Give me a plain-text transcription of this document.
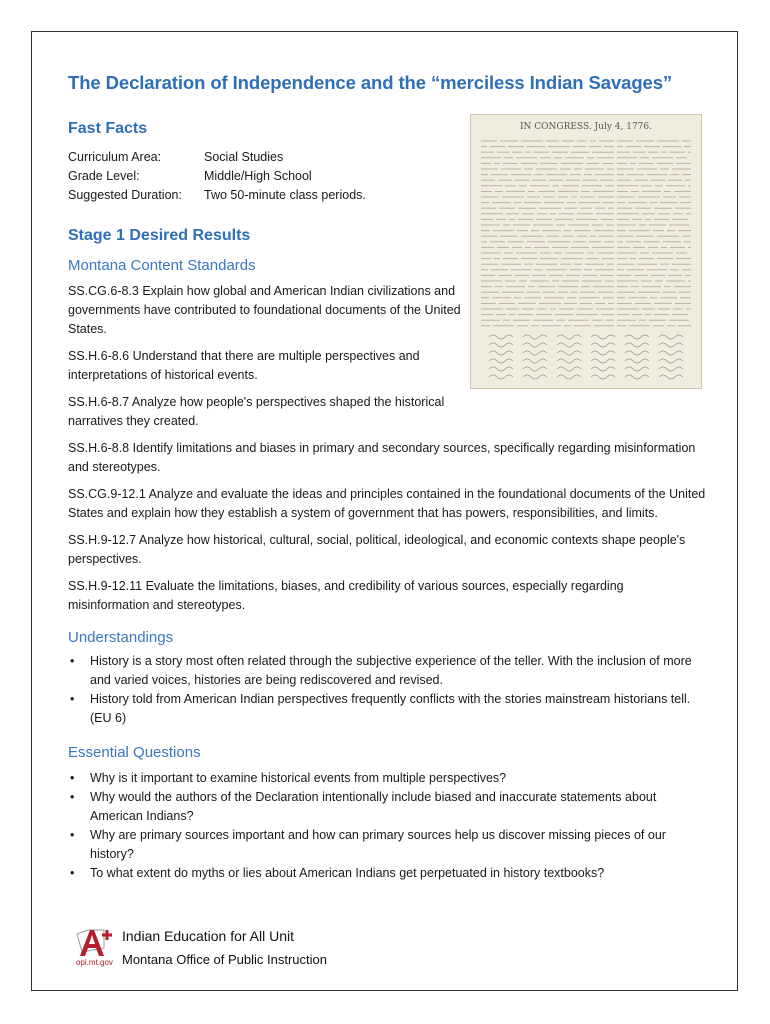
The Declaration of Independence and the “merciless Indian Savages”
Fast Facts
Curriculum Area:	Social Studies
Grade Level:	Middle/High School
Suggested Duration:	Two 50-minute class periods.
Stage 1 Desired Results
Montana Content Standards

SS.CG.6-8.3 Explain how global and American Indian civilizations and governments have contributed to foundational documents of the United States.

SS.H.6-8.6 Understand that there are multiple perspectives and interpretations of historical events.

SS.H.6-8.7 Analyze how people's perspectives shaped the historical narratives they created.

SS.H.6-8.8 Identify limitations and biases in primary and secondary sources, specifically regarding misinformation and stereotypes.

SS.CG.9-12.1 Analyze and evaluate the ideas and principles contained in the foundational documents of the United States and explain how they establish a system of government that has powers, responsibilities, and limits.

SS.H.9-12.7 Analyze how historical, cultural, social, political, ideological, and economic contexts shape people's perspectives.

SS.H.9-12.11 Evaluate the limitations, biases, and credibility of various sources, especially regarding misinformation and stereotypes.

Understandings
• History is a story most often related through the subjective experience of the teller. With the inclusion of more and varied voices, histories are being rediscovered and revised.
• History told from American Indian perspectives frequently conflicts with the stories mainstream historians tell. (EU 6)
Essential Questions
• Why is it important to examine historical events from multiple perspectives?
• Why would the authors of the Declaration intentionally include biased and inaccurate statements about American Indians?
• Why are primary sources important and how can primary sources help us discover missing pieces of our history?
• To what extent do myths or lies about American Indians get perpetuated in history textbooks?
IN CONGRESS. July 4, 1776.
Indian Education for All Unit
Montana Office of Public Instruction
opi.mt.gov
